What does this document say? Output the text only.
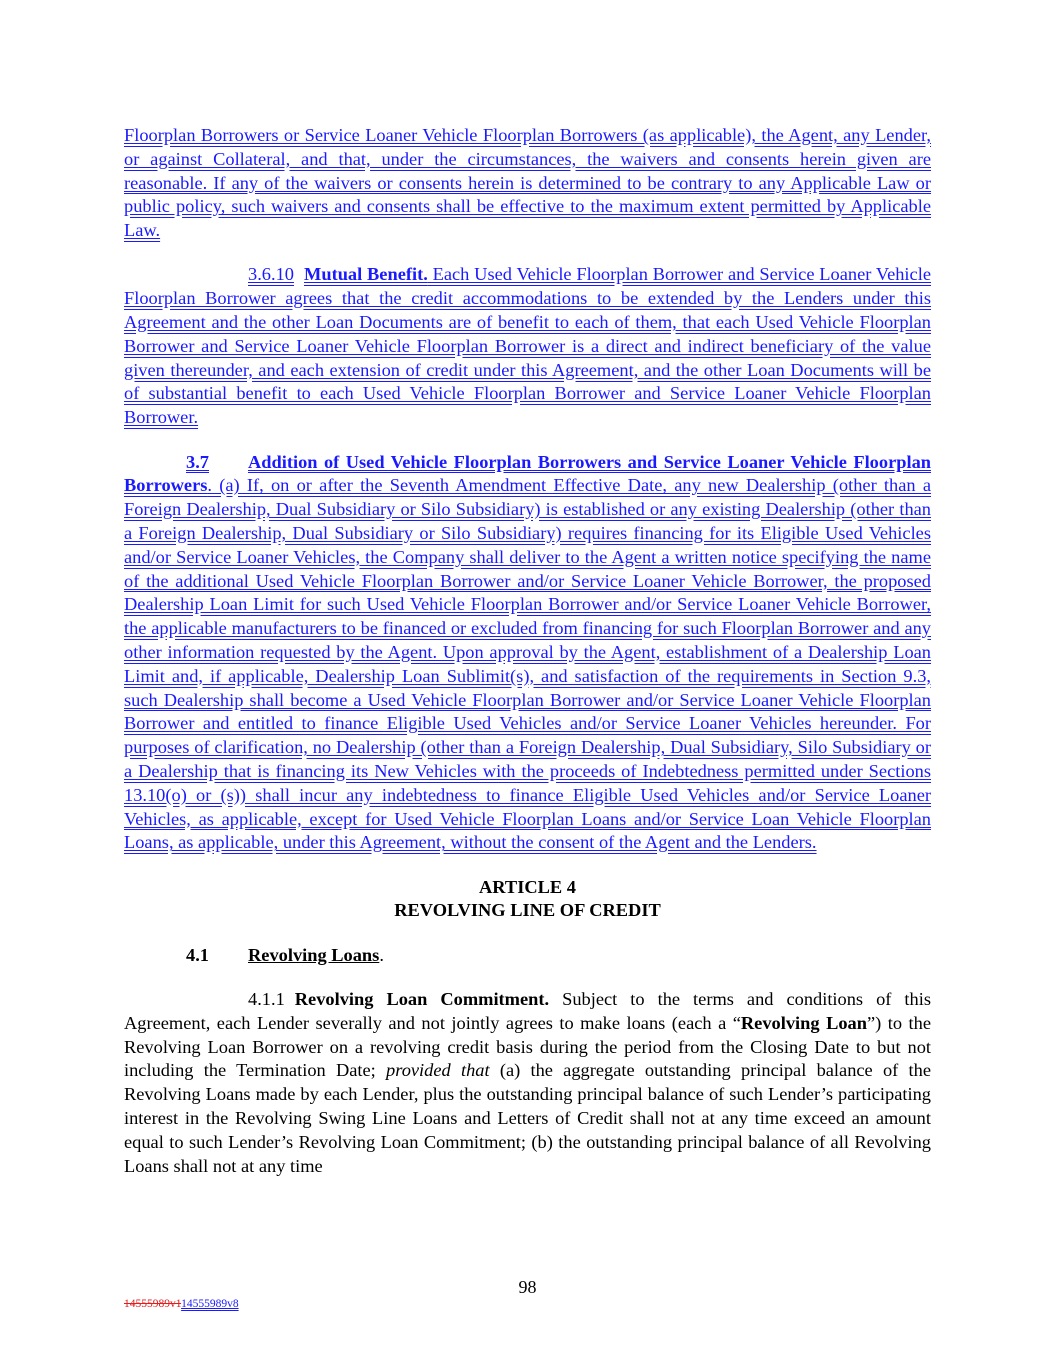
Floorplan Borrowers or Service Loaner Vehicle Floorplan Borrowers (as applicable), the Agent, any Lender, or against Collateral, and that, under the circumstances, the waivers and consents herein given are reasonable. If any of the waivers or consents herein is determined to be contrary to any Applicable Law or public policy, such waivers and consents shall be effective to the maximum extent permitted by Applicable Law.

3.6.10 Mutual Benefit. Each Used Vehicle Floorplan Borrower and Service Loaner Vehicle Floorplan Borrower agrees that the credit accommodations to be extended by the Lenders under this Agreement and the other Loan Documents are of benefit to each of them, that each Used Vehicle Floorplan Borrower and Service Loaner Vehicle Floorplan Borrower is a direct and indirect beneficiary of the value given thereunder, and each extension of credit under this Agreement, and the other Loan Documents will be of substantial benefit to each Used Vehicle Floorplan Borrower and Service Loaner Vehicle Floorplan Borrower.

3.7 Addition of Used Vehicle Floorplan Borrowers and Service Loaner Vehicle Floorplan Borrowers. (a) If, on or after the Seventh Amendment Effective Date, any new Dealership (other than a Foreign Dealership, Dual Subsidiary or Silo Subsidiary) is established or any existing Dealership (other than a Foreign Dealership, Dual Subsidiary or Silo Subsidiary) requires financing for its Eligible Used Vehicles and/or Service Loaner Vehicles, the Company shall deliver to the Agent a written notice specifying the name of the additional Used Vehicle Floorplan Borrower and/or Service Loaner Vehicle Borrower, the proposed Dealership Loan Limit for such Used Vehicle Floorplan Borrower and/or Service Loaner Vehicle Borrower, the applicable manufacturers to be financed or excluded from financing for such Floorplan Borrower and any other information requested by the Agent. Upon approval by the Agent, establishment of a Dealership Loan Limit and, if applicable, Dealership Loan Sublimit(s), and satisfaction of the requirements in Section 9.3, such Dealership shall become a Used Vehicle Floorplan Borrower and/or Service Loaner Vehicle Floorplan Borrower and entitled to finance Eligible Used Vehicles and/or Service Loaner Vehicles hereunder. For purposes of clarification, no Dealership (other than a Foreign Dealership, Dual Subsidiary, Silo Subsidiary or a Dealership that is financing its New Vehicles with the proceeds of Indebtedness permitted under Sections 13.10(o) or (s)) shall incur any indebtedness to finance Eligible Used Vehicles and/or Service Loaner Vehicles, as applicable, except for Used Vehicle Floorplan Loans and/or Service Loan Vehicle Floorplan Loans, as applicable, under this Agreement, without the consent of the Agent and the Lenders.

ARTICLE 4
REVOLVING LINE OF CREDIT
4.1 Revolving Loans.

4.1.1 Revolving Loan Commitment. Subject to the terms and conditions of this Agreement, each Lender severally and not jointly agrees to make loans (each a “Revolving Loan”) to the Revolving Loan Borrower on a revolving credit basis during the period from the Closing Date to but not including the Termination Date; provided that (a) the aggregate outstanding principal balance of the Revolving Loans made by each Lender, plus the outstanding principal balance of such Lender’s participating interest in the Revolving Swing Line Loans and Letters of Credit shall not at any time exceed an amount equal to such Lender’s Revolving Loan Commitment; (b) the outstanding principal balance of all Revolving Loans shall not at any time

98
14555989v114555989v8
